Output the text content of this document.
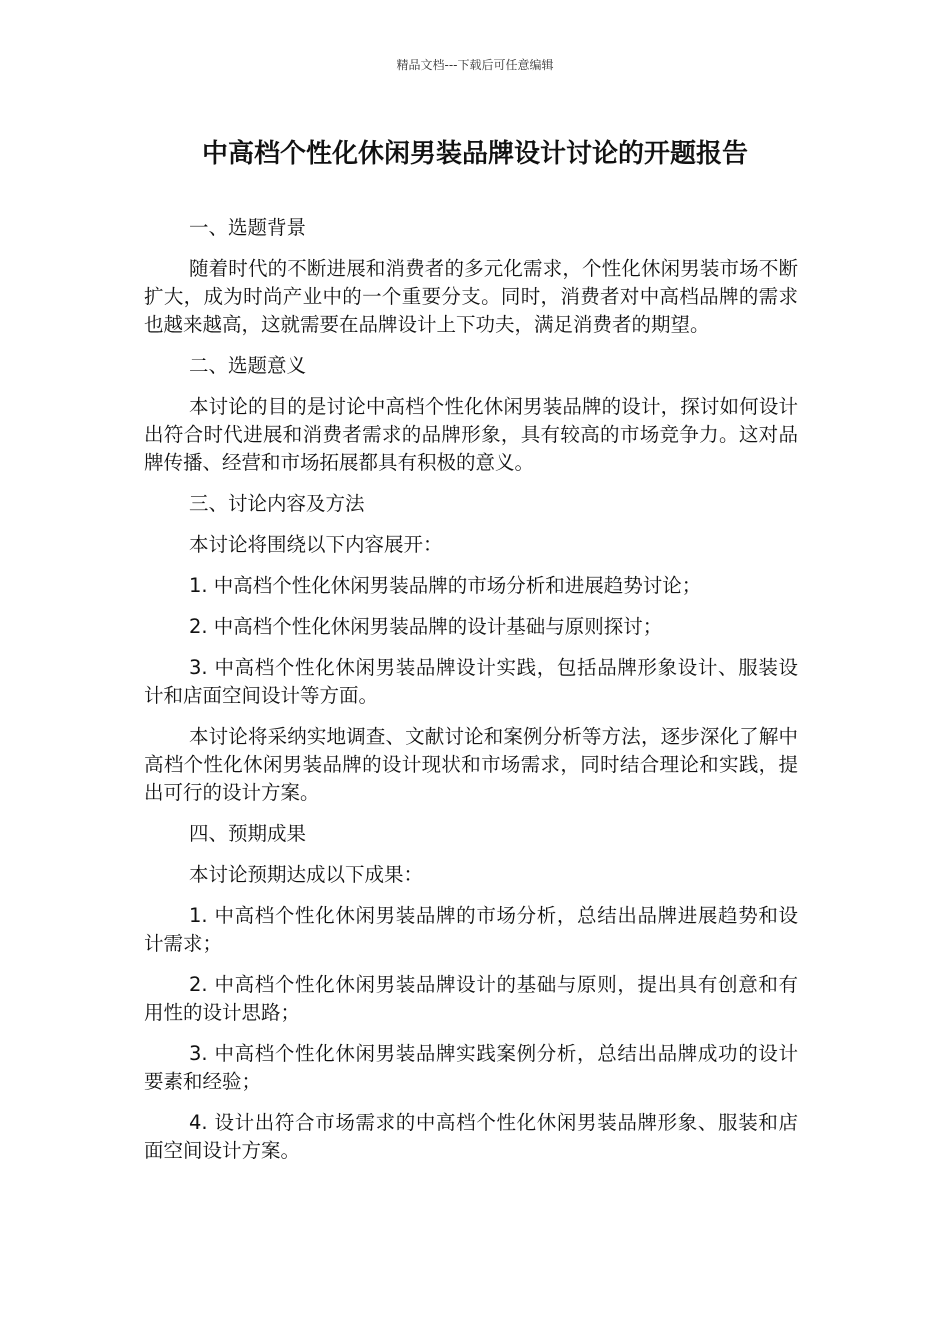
精品文档---下载后可任意编辑
中高档个性化休闲男装品牌设计讨论的开题报告

一、选题背景

随着时代的不断进展和消费者的多元化需求，个性化休闲男装市场不断扩大，成为时尚产业中的一个重要分支。同时，消费者对中高档品牌的需求也越来越高，这就需要在品牌设计上下功夫，满足消费者的期望。

二、选题意义

本讨论的目的是讨论中高档个性化休闲男装品牌的设计，探讨如何设计出符合时代进展和消费者需求的品牌形象，具有较高的市场竞争力。这对品牌传播、经营和市场拓展都具有积极的意义。

三、讨论内容及方法

本讨论将围绕以下内容展开：

1. 中高档个性化休闲男装品牌的市场分析和进展趋势讨论；

2. 中高档个性化休闲男装品牌的设计基础与原则探讨；

3. 中高档个性化休闲男装品牌设计实践，包括品牌形象设计、服装设计和店面空间设计等方面。

本讨论将采纳实地调查、文献讨论和案例分析等方法，逐步深化了解中高档个性化休闲男装品牌的设计现状和市场需求，同时结合理论和实践，提出可行的设计方案。

四、预期成果

本讨论预期达成以下成果：

1. 中高档个性化休闲男装品牌的市场分析，总结出品牌进展趋势和设计需求；

2. 中高档个性化休闲男装品牌设计的基础与原则，提出具有创意和有用性的设计思路；

3. 中高档个性化休闲男装品牌实践案例分析，总结出品牌成功的设计要素和经验；

4. 设计出符合市场需求的中高档个性化休闲男装品牌形象、服装和店面空间设计方案。
